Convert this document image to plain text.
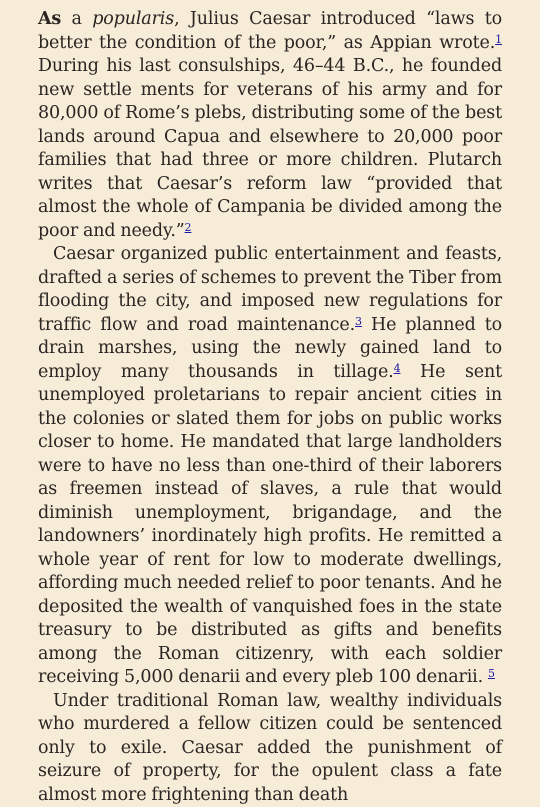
As a popularis, Julius Caesar introduced “laws to better the condition of the poor,” as Appian wrote.$^1$ During his last consulships, 46–44 B.C., he founded new settle ments for veterans of his army and for 80,000 of Rome’s plebs, distributing some of the best lands around Capua and elsewhere to 20,000 poor families that had three or more children. Plutarch writes that Caesar’s reform law “provided that almost the whole of Campania be divided among the poor and needy.”$^2$

Caesar organized public entertainment and feasts, drafted a series of schemes to prevent the Tiber from flooding the city, and imposed new regulations for traffic flow and road maintenance.$^3$ He planned to drain marshes, using the newly gained land to employ many thousands in tillage.$^4$ He sent unemployed proletarians to repair ancient cities in the colonies or slated them for jobs on public works closer to home. He mandated that large landholders were to have no less than one-third of their laborers as freemen instead of slaves, a rule that would diminish unemployment, brigandage, and the landowners’ inordinately high profits. He remitted a whole year of rent for low to moderate dwellings, affording much needed relief to poor tenants. And he deposited the wealth of vanquished foes in the state treasury to be distributed as gifts and benefits among the Roman citizenry, with each soldier receiving 5,000 denarii and every pleb 100 denarii. $^5$

Under traditional Roman law, wealthy individuals who murdered a fellow citizen could be sentenced only to exile. Caesar added the punishment of seizure of property, for the opulent class a fate almost more frightening than death
